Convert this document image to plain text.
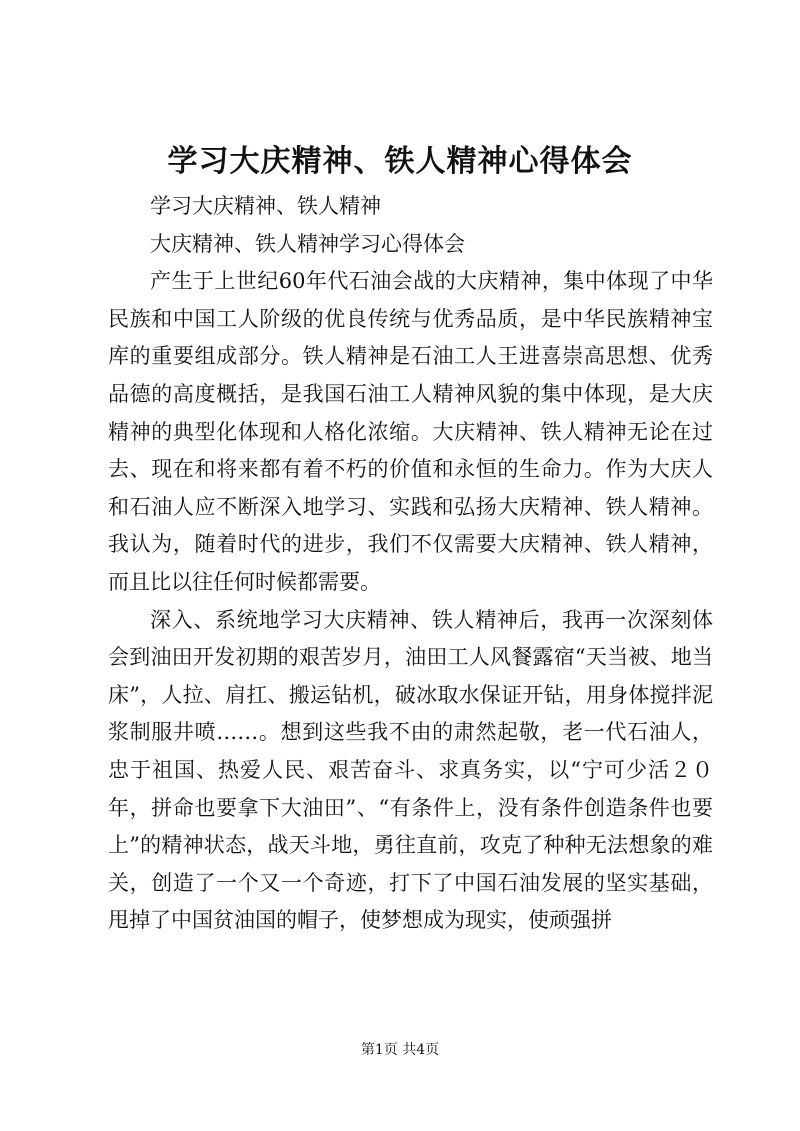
学习大庆精神、铁人精神心得体会

学习大庆精神、铁人精神

大庆精神、铁人精神学习心得体会

产生于上世纪60年代石油会战的大庆精神，集中体现了中华民族和中国工人阶级的优良传统与优秀品质，是中华民族精神宝库的重要组成部分。铁人精神是石油工人王进喜崇高思想、优秀品德的高度概括，是我国石油工人精神风貌的集中体现，是大庆精神的典型化体现和人格化浓缩。大庆精神、铁人精神无论在过去、现在和将来都有着不朽的价值和永恒的生命力。作为大庆人和石油人应不断深入地学习、实践和弘扬大庆精神、铁人精神。我认为，随着时代的进步，我们不仅需要大庆精神、铁人精神，而且比以往任何时候都需要。

深入、系统地学习大庆精神、铁人精神后，我再一次深刻体会到油田开发初期的艰苦岁月，油田工人风餐露宿“天当被、地当床”，人拉、肩扛、搬运钻机，破冰取水保证开钻，用身体搅拌泥浆制服井喷……。想到这些我不由的肃然起敬，老一代石油人，忠于祖国、热爱人民、艰苦奋斗、求真务实，以“宁可少活２０年，拼命也要拿下大油田”、“有条件上，没有条件创造条件也要上”的精神状态，战天斗地，勇往直前，攻克了种种无法想象的难关，创造了一个又一个奇迹，打下了中国石油发展的坚实基础，甩掉了中国贫油国的帽子，使梦想成为现实，使顽强拼

第1页 共4页
